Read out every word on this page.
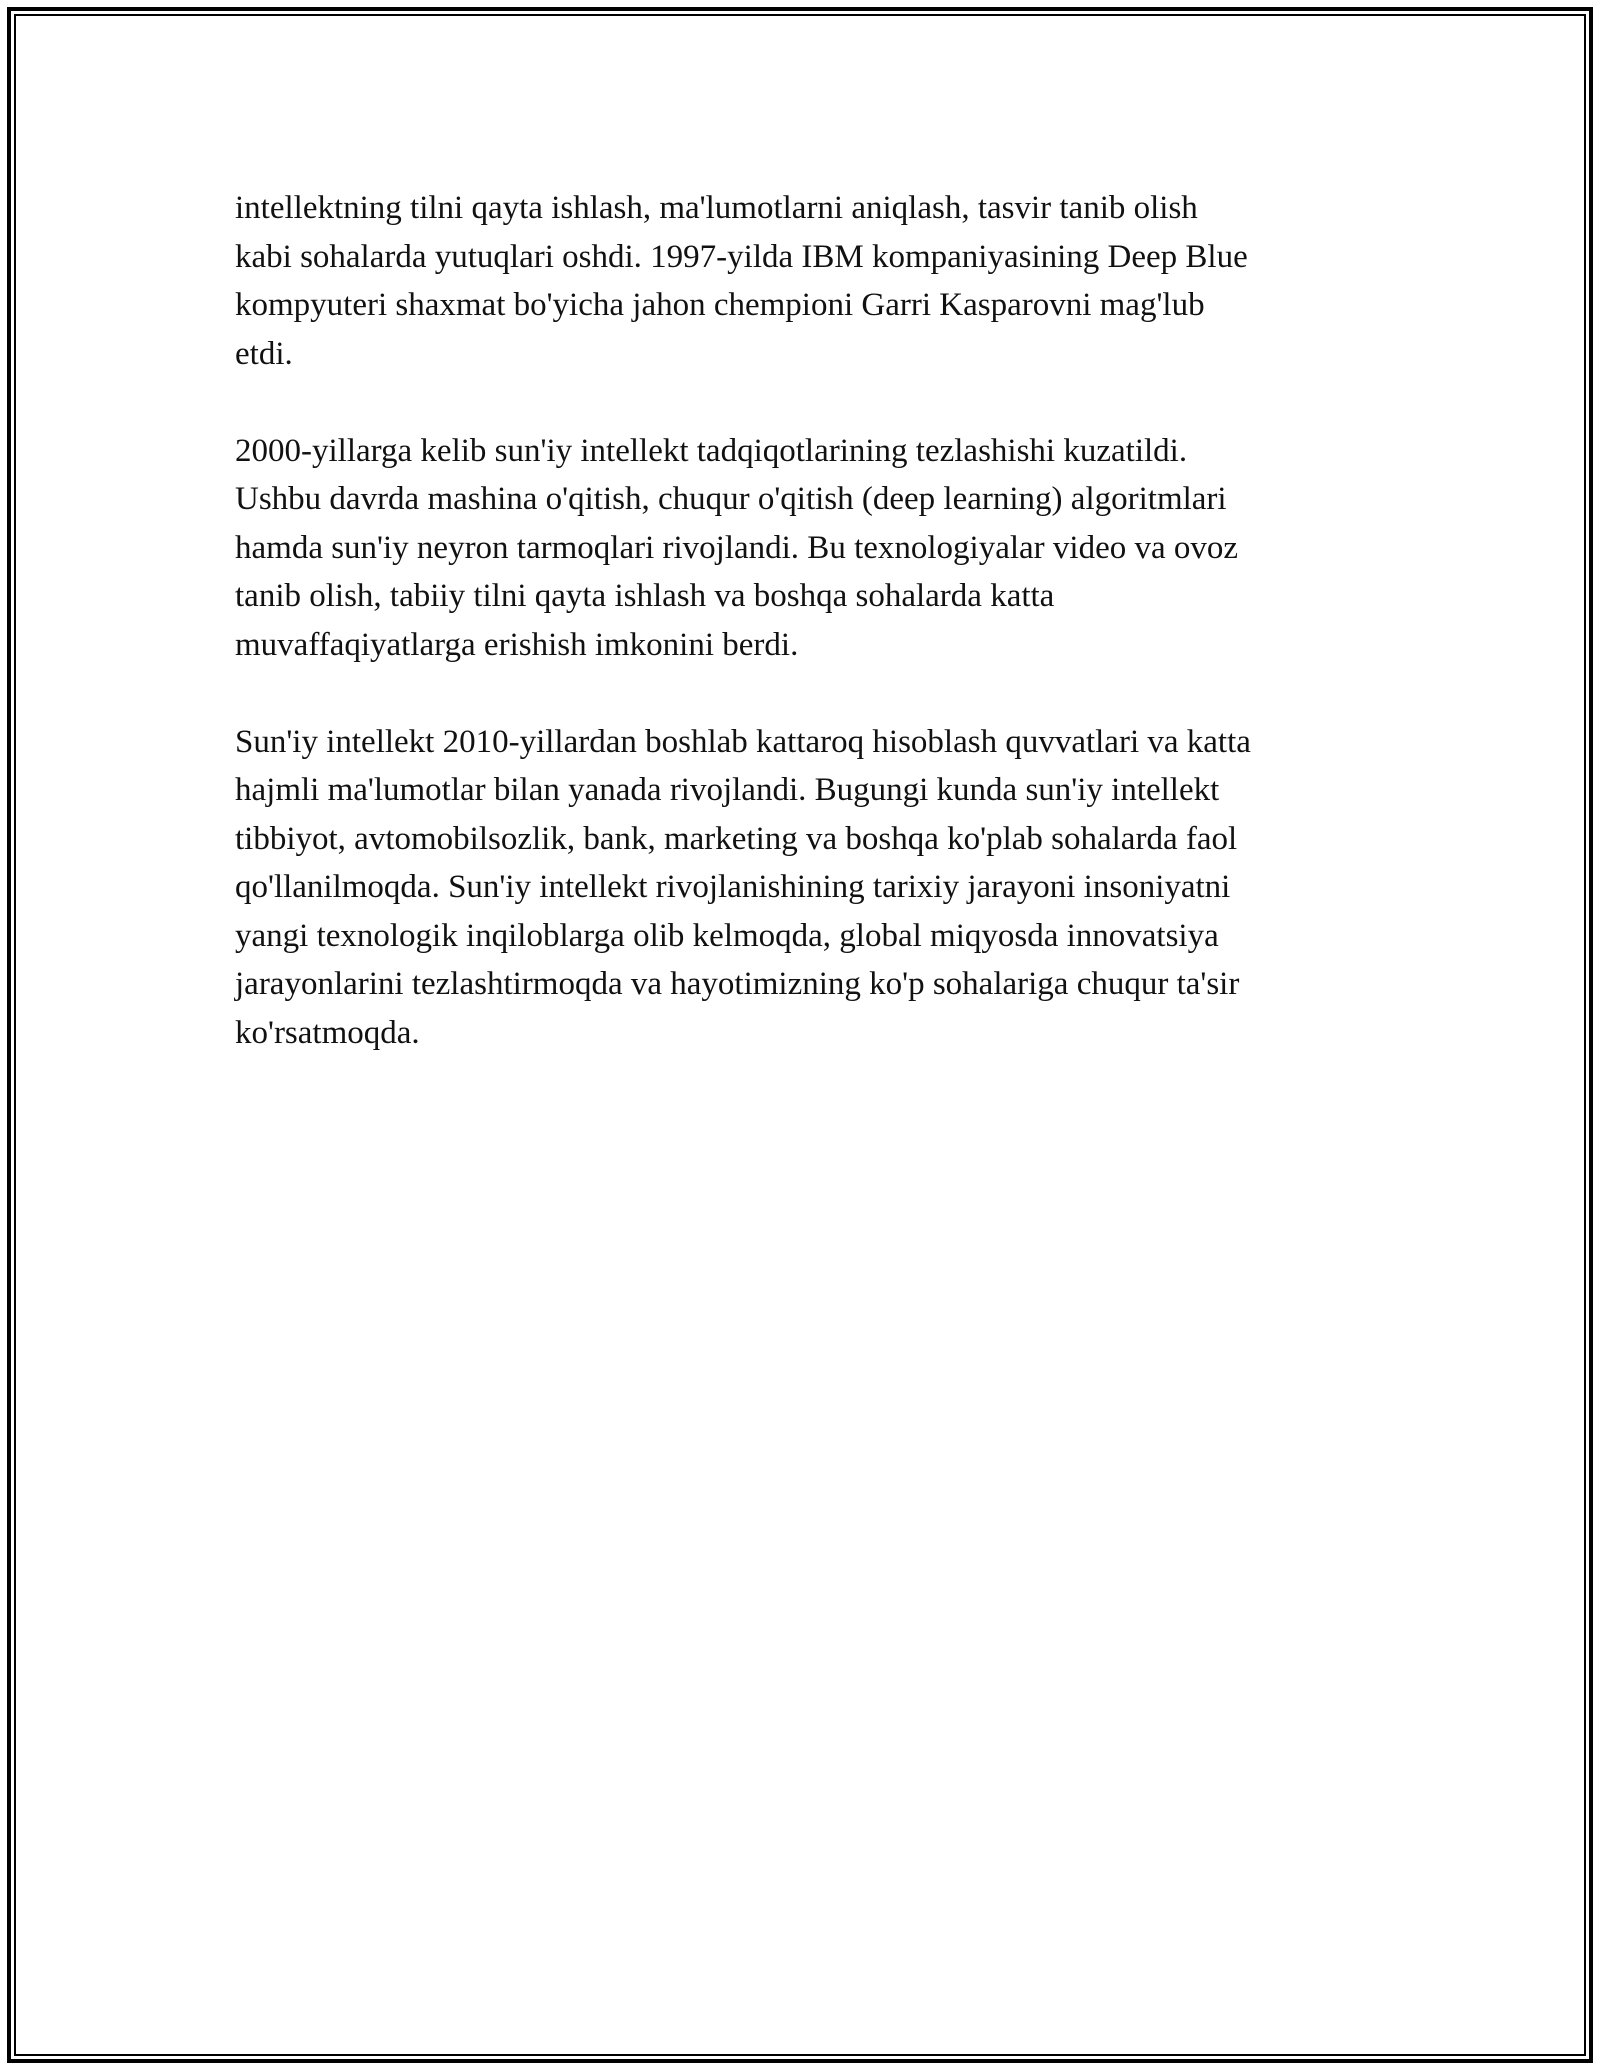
intellektning tilni qayta ishlash, ma'lumotlarni aniqlash, tasvir tanib olish
kabi sohalarda yutuqlari oshdi. 1997-yilda IBM kompaniyasining Deep Blue
kompyuteri shaxmat bo'yicha jahon chempioni Garri Kasparovni mag'lub
etdi.

2000-yillarga kelib sun'iy intellekt tadqiqotlarining tezlashishi kuzatildi.
Ushbu davrda mashina o'qitish, chuqur o'qitish (deep learning) algoritmlari
hamda sun'iy neyron tarmoqlari rivojlandi. Bu texnologiyalar video va ovoz
tanib olish, tabiiy tilni qayta ishlash va boshqa sohalarda katta
muvaffaqiyatlarga erishish imkonini berdi.

Sun'iy intellekt 2010-yillardan boshlab kattaroq hisoblash quvvatlari va katta
hajmli ma'lumotlar bilan yanada rivojlandi. Bugungi kunda sun'iy intellekt
tibbiyot, avtomobilsozlik, bank, marketing va boshqa ko'plab sohalarda faol
qo'llanilmoqda. Sun'iy intellekt rivojlanishining tarixiy jarayoni insoniyatni
yangi texnologik inqiloblarga olib kelmoqda, global miqyosda innovatsiya
jarayonlarini tezlashtirmoqda va hayotimizning ko'p sohalariga chuqur ta'sir
ko'rsatmoqda.
